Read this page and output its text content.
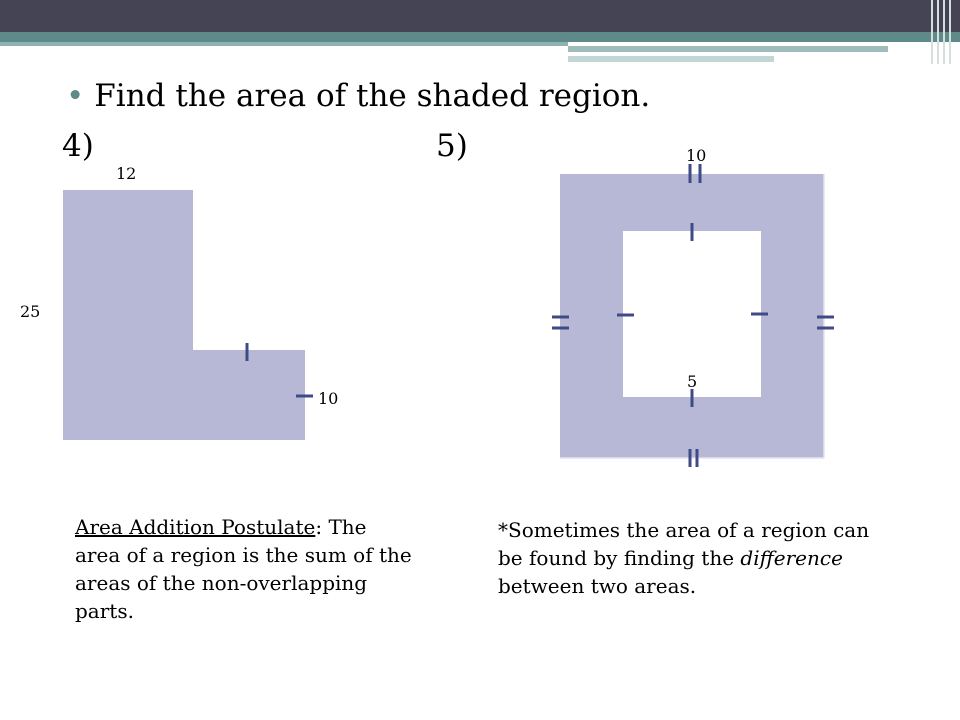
• Find the area of the shaded region.
4)	5)
12
25
10
10
5
Area Addition Postulate: The area of a region is the sum of the areas of the non-overlapping parts.
*Sometimes the area of a region can be found by finding the difference between two areas.
